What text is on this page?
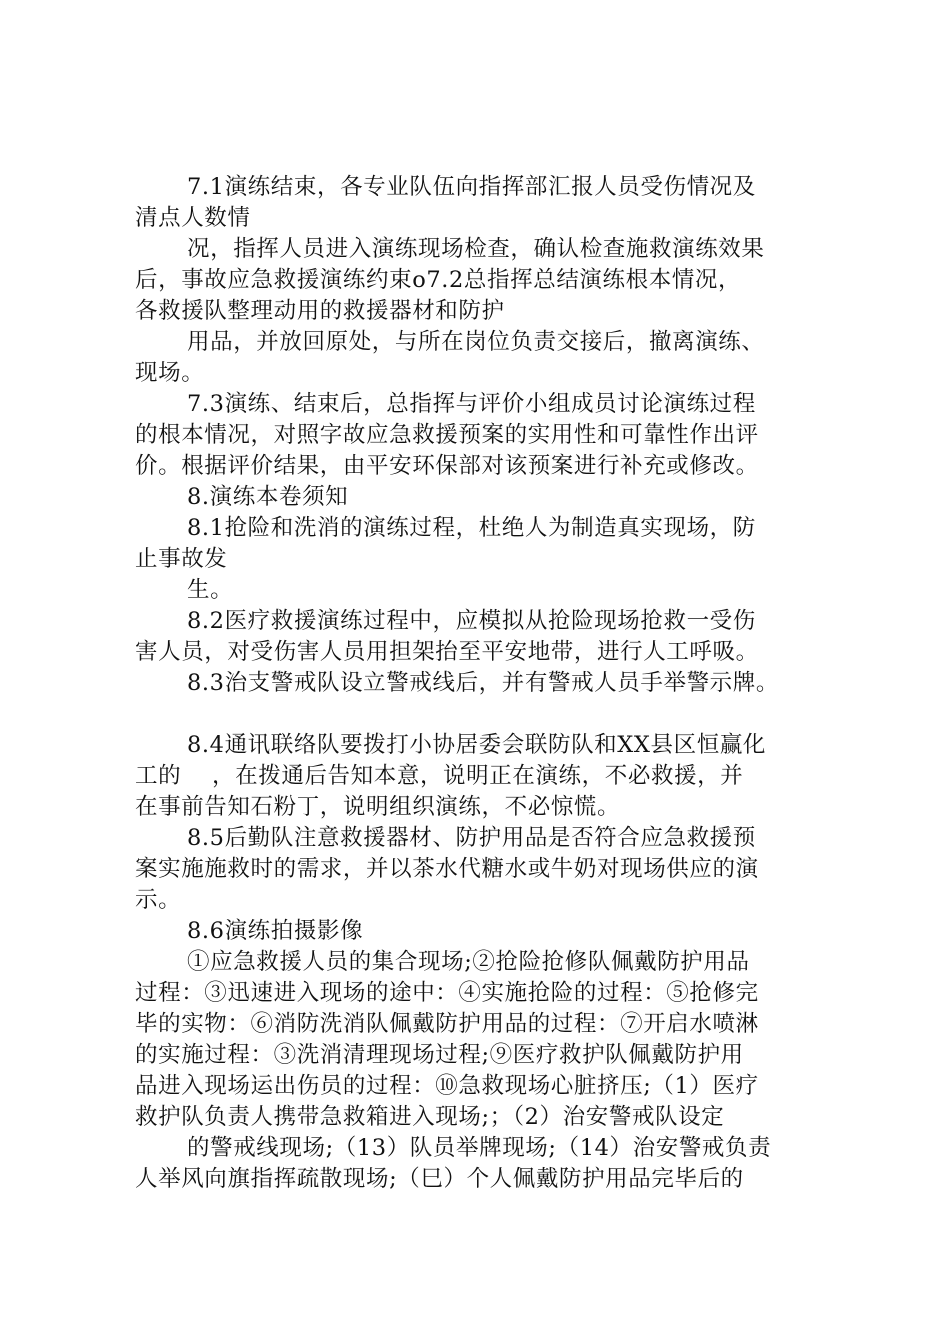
7.1演练结束，各专业队伍向指挥部汇报人员受伤情况及
清点人数情
况，指挥人员进入演练现场检查，确认检查施救演练效果
后，事故应急救援演练约束o7.2总指挥总结演练根本情况，
各救援队整理动用的救援器材和防护
用品，并放回原处，与所在岗位负责交接后，撤离演练、
现场。
7.3演练、结束后，总指挥与评价小组成员讨论演练过程
的根本情况，对照字故应急救援预案的实用性和可靠性作出评
价。根据评价结果，由平安环保部对该预案进行补充或修改。
8.演练本卷须知
8.1抢险和洗消的演练过程，杜绝人为制造真实现场，防
止事故发
生。
8.2医疗救援演练过程中，应模拟从抢险现场抢救一受伤
害人员，对受伤害人员用担架抬至平安地带，进行人工呼吸。
8.3治支警戒队设立警戒线后，并有警戒人员手举警示牌。
8.4通讯联络队要拨打小协居委会联防队和XX县区恒赢化
工的　 ，在拨通后告知本意，说明正在演练，不必救援，并
在事前告知石粉丁，说明组织演练，不必惊慌。
8.5后勤队注意救援器材、防护用品是否符合应急救援预
案实施施救时的需求，并以茶水代糖水或牛奶对现场供应的演
示。
8.6演练拍摄影像
①应急救援人员的集合现场;②抢险抢修队佩戴防护用品
过程：③迅速进入现场的途中：④实施抢险的过程：⑤抢修完
毕的实物：⑥消防洗消队佩戴防护用品的过程：⑦开启水喷淋
的实施过程：③洗消清理现场过程;⑨医疗救护队佩戴防护用
品进入现场运出伤员的过程：⑩急救现场心脏挤压;（1）医疗
救护队负责人携带急救箱进入现场;；（2）治安警戒队设定
的警戒线现场;（13）队员举牌现场;（14）治安警戒负责
人举风向旗指挥疏散现场;（巳）个人佩戴防护用品完毕后的
